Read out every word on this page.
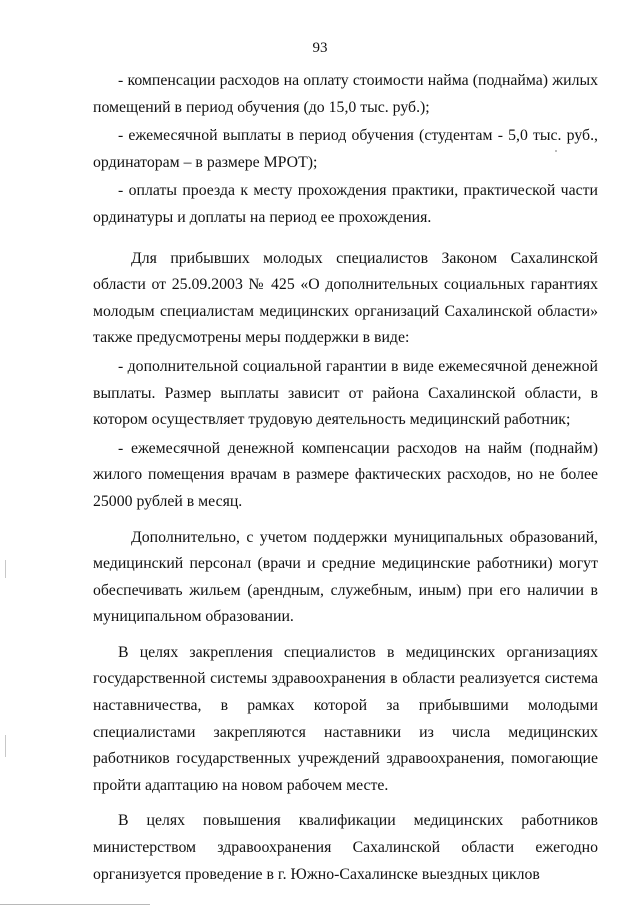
93

- компенсации расходов на оплату стоимости найма (поднайма) жилых помещений в период обучения (до 15,0 тыс. руб.);

- ежемесячной выплаты в период обучения (студентам - 5,0 тыс. руб., ординаторам – в размере МРОТ);

- оплаты проезда к месту прохождения практики, практической части ординатуры и доплаты на период ее прохождения.

Для прибывших молодых специалистов Законом Сахалинской области от 25.09.2003 № 425 «О дополнительных социальных гарантиях молодым специалистам медицинских организаций Сахалинской области» также предусмотрены меры поддержки в виде:

- дополнительной социальной гарантии в виде ежемесячной денежной выплаты. Размер выплаты зависит от района Сахалинской области, в котором осуществляет трудовую деятельность медицинский работник;

- ежемесячной денежной компенсации расходов на найм (поднайм) жилого помещения врачам в размере фактических расходов, но не более 25000 рублей в месяц.

Дополнительно, с учетом поддержки муниципальных образований, медицинский персонал (врачи и средние медицинские работники) могут обеспечивать жильем (арендным, служебным, иным) при его наличии в муниципальном образовании.

В целях закрепления специалистов в медицинских организациях государственной системы здравоохранения в области реализуется система наставничества, в рамках которой за прибывшими молодыми специалистами закрепляются наставники из числа медицинских работников государственных учреждений здравоохранения, помогающие пройти адаптацию на новом рабочем месте.

В целях повышения квалификации медицинских работников министерством здравоохранения Сахалинской области ежегодно организуется проведение в г. Южно-Сахалинске выездных циклов
